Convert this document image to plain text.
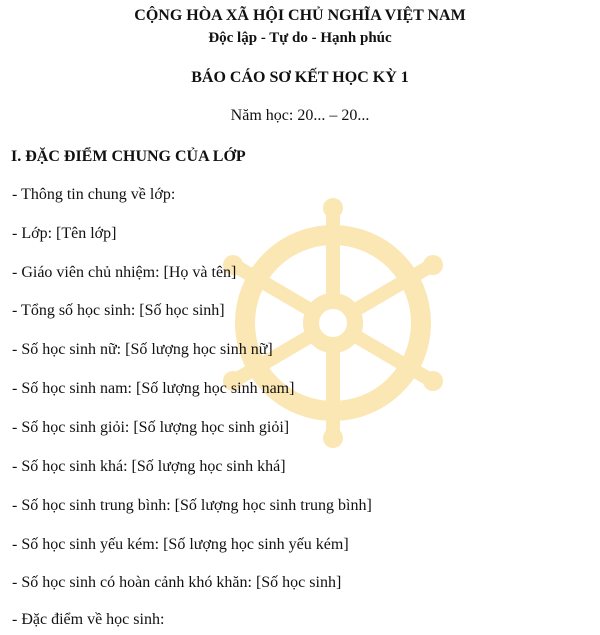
CỘNG HÒA XÃ HỘI CHỦ NGHĨA VIỆT NAM
Độc lập - Tự do - Hạnh phúc
BÁO CÁO SƠ KẾT HỌC KỲ 1
Năm học: 20... – 20...
I. ĐẶC ĐIỂM CHUNG CỦA LỚP
- Thông tin chung về lớp:
- Lớp: [Tên lớp]
- Giáo viên chủ nhiệm: [Họ và tên]
- Tổng số học sinh: [Số học sinh]
- Số học sinh nữ: [Số lượng học sinh nữ]
- Số học sinh nam: [Số lượng học sinh nam]
- Số học sinh giỏi: [Số lượng học sinh giỏi]
- Số học sinh khá: [Số lượng học sinh khá]
- Số học sinh trung bình: [Số lượng học sinh trung bình]
- Số học sinh yếu kém: [Số lượng học sinh yếu kém]
- Số học sinh có hoàn cảnh khó khăn: [Số học sinh]
- Đặc điểm về học sinh:
